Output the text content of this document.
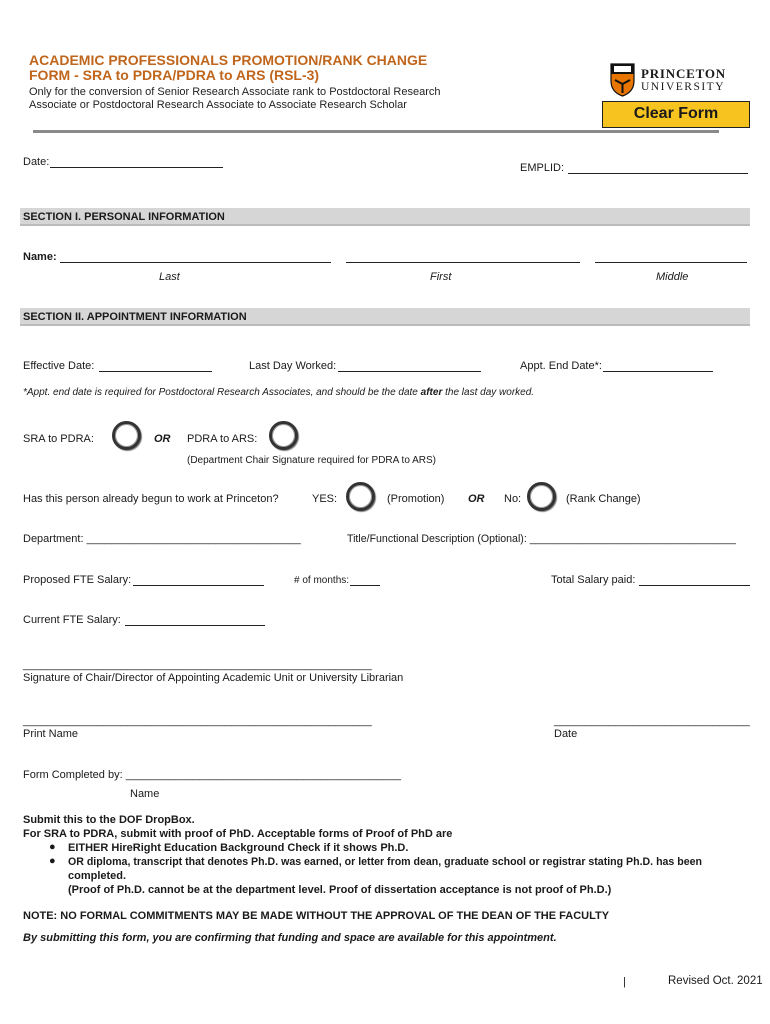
ACADEMIC PROFESSIONALS PROMOTION/RANK CHANGE
FORM - SRA to PDRA/PDRA to ARS (RSL-3)
Only for the conversion of Senior Research Associate rank to Postdoctoral Research
Associate or Postdoctoral Research Associate to Associate Research Scholar
PRINCETON
UNIVERSITY
Clear Form
Date:	EMPLID:
SECTION I. PERSONAL INFORMATION
Name:
Last	First	Middle
SECTION II. APPOINTMENT INFORMATION
Effective Date:	Last Day Worked:	Appt. End Date*:
*Appt. end date is required for Postdoctoral Research Associates, and should be the date after the last day worked.
SRA to PDRA:	OR PDRA to ARS:
(Department Chair Signature required for PDRA to ARS)
Has this person already begun to work at Princeton?	YES:	(Promotion) OR No:	(Rank Change)
Department: ___________________________________	Title/Functional Description (Optional): ___________________________________
Proposed FTE Salary:	# of months:	Total Salary paid:
Current FTE Salary:
_________________________________________________________
Signature of Chair/Director of Appointing Academic Unit or University Librarian
_________________________________________________________
Print Name
________________________________
Date
Form Completed by: _____________________________________________
Name
Submit this to the DOF DropBox.
For SRA to PDRA, submit with proof of PhD. Acceptable forms of Proof of PhD are
● EITHER HireRight Education Background Check if it shows Ph.D.
● OR diploma, transcript that denotes Ph.D. was earned, or letter from dean, graduate school or registrar stating Ph.D. has been
completed.
(Proof of Ph.D. cannot be at the department level. Proof of dissertation acceptance is not proof of Ph.D.)
NOTE: NO FORMAL COMMITMENTS MAY BE MADE WITHOUT THE APPROVAL OF THE DEAN OF THE FACULTY
By submitting this form, you are confirming that funding and space are available for this appointment.
|	Revised Oct. 2021
